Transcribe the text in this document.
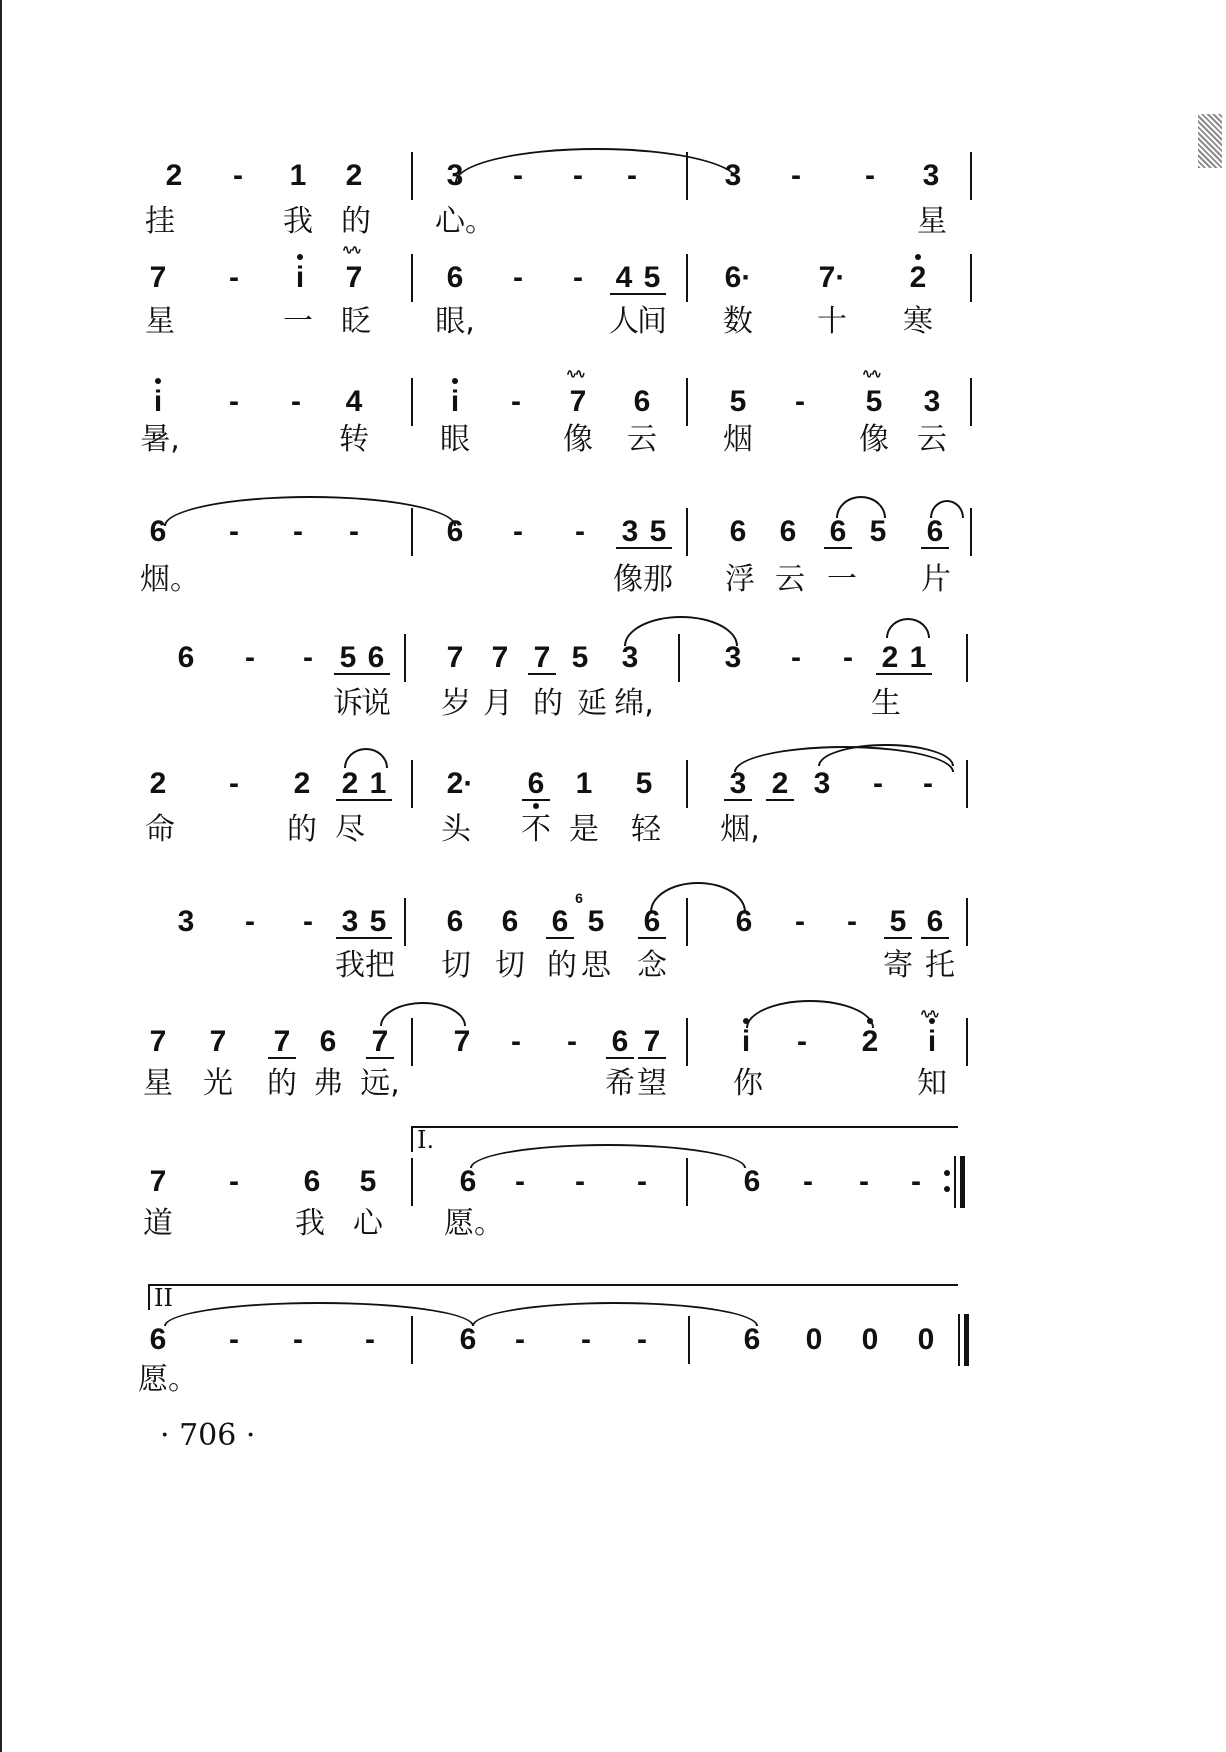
2	-	1 2	3	-	-	-	3	-	-	3
挂	我 的 心。	星
7	-	i	7
∿∿
6	-	-	4 5 6· 7· 2
星	一 眨 眼,	人
间 数 十 寒
i	-	-	4	i	-	7
∿∿
6	5	-	5
∿∿
3
暑,	转 眼	像 云 烟	像 云
6	-	-	-	6	-	-	3 5 6 6 6 5 6
烟。	像 那 浮 云 一 片
6	-	- 5 6 7 7 7 5 3	3	-	- 2 1
诉
说 岁 月 的 延 绵,	生
2	-	2 2 1 2· 6 1 5	3 2 3	-	-
命	的 尽	头 不 是 轻 烟,
3	-	- 3 5 6 6 6 5 6	6	-	-	5 6
6
我 把 切 切 的 思 念	寄 托
7 7 7 6 7 7	-	-	6 7	i	-	2	i
∿∿
星 光 的 弗 远,	希 望 你	知
7	-	6 5	6	-	-	-	6	-	-	-
I.
道	我 心 愿。
6	-	-	-	6	-	-	-	6 0 0 0
II
愿。
· 706 ·
